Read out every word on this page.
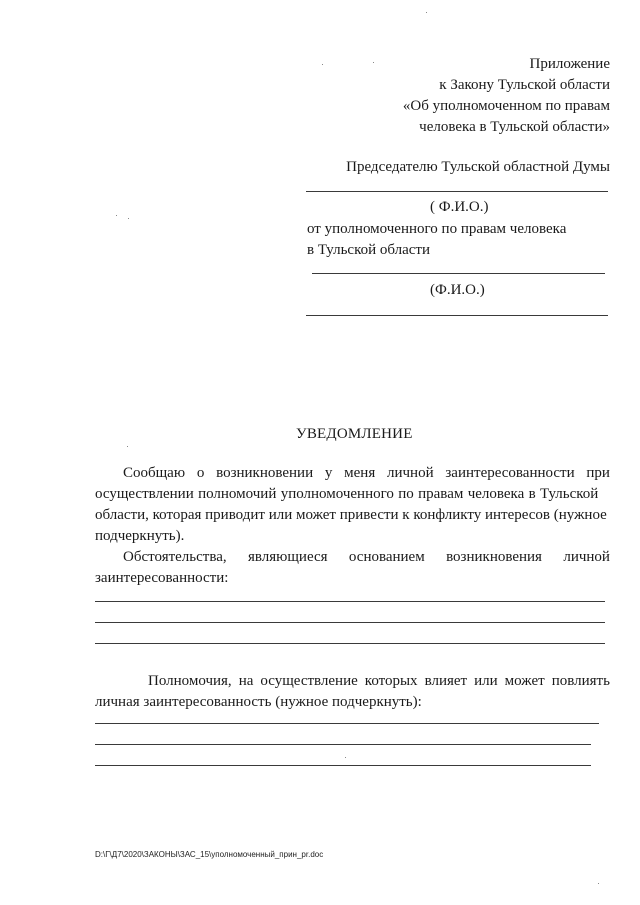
Приложение
к Закону Тульской области
«Об уполномоченном по правам
человека в Тульской области»
Председателю Тульской областной Думы
( Ф.И.О.)
от уполномоченного по правам человека
в Тульской области
(Ф.И.О.)
УВЕДОМЛЕНИЕ
Сообщаю о возникновении у меня личной заинтересованности при
осуществлении полномочий уполномоченного по правам человека в Тульской
области, которая приводит или может привести к конфликту интересов (нужное
подчеркнуть).
Обстоятельства, являющиеся основанием возникновения личной
заинтересованности:
Полномочия, на осуществление которых влияет или может повлиять
личная заинтересованность (нужное подчеркнуть):
D:\Г\Д7\2020\ЗАКОНЫ\ЗАС_15\уполномоченный_прин_pr.doc
